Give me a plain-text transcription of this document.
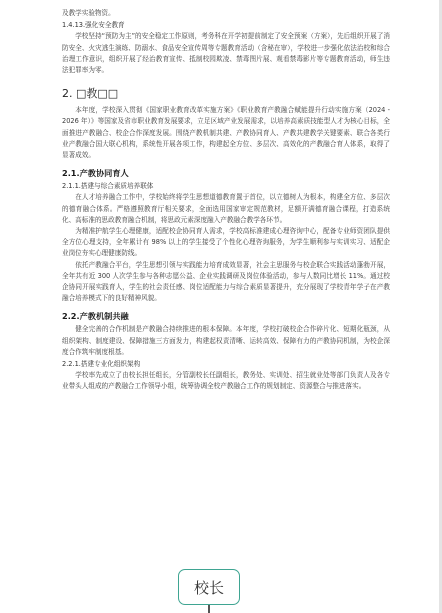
及教学实验物资。

1.4.13.强化安全教育

学校坚持“预防为主”的安全稳定工作原则，考务科在开学初提前制定了安全预案（方案），先后组织开展了消防安全、火灾逃生演练、防溺水、食品安全宣传周等专题教育活动（含秘在审），学校进一步强化依法治校和综合治理工作意识，组织开展了经治教育宣传、抵制校园欺凌、禁毒图片展、观看禁毒影片等专题教育活动，师生违法犯罪率为零。

2. □教□□

本年度，学校深入贯彻《国家职业教育改革实施方案》《职业教育产教融合赋能提升行动实施方案（2024 - 2026 年）》等国家及省市职业教育发展要求，立足区域产业发展需求，以培养高素质技能型人才为核心目标，全面推进产教融合、校企合作深度发展。围绕产教机制共建、产教协同育人、产教共建教学关键要素、联合各类行业产教融合国大联心机构，系统性开展各项工作，构建起全方位、多层次、高效化的产教融合育人体系，取得了显著成效。

2.1.产教协同育人

2.1.1.搭建与综合素质培养联体

在人才培养融合工作中，学校始终将学生思想道德教育置于首位，以立德树人为根本，构建全方位、多层次的德育融合体系。严格遵照教育厅相关要求，全面选用国家审定规范教材，足额开满德育融合课程，打造系统化、高标准的思政教育融合机制，将思政元素深度融入产教融合教学各环节。

为精准护航学生心理健康，适配校企协同育人需求，学校高标准建成心理咨询中心，配备专业师资团队提供全方位心理支持，全年累计有 98% 以上的学生接受了个性化心理咨询服务，为学生顺利参与实训实习、适配企业岗位夯实心理健康防线。

依托产教融合平台，学生思想引领与实践能力培育成效显著，社会主思服务与校企联合实践活动蓬勃开展，全年共有近 300 人次学生参与各种志愿公益、企业实践调研及岗位体验活动，参与人数同比增长 11%。通过校企协同开展实践育人，学生的社会责任感、岗位适配能力与综合素质显著提升，充分展现了学校青年学子在产教融合培养模式下的良好精神风貌。

2.2.产教机制共融

健全完善的合作机制是产教融合持续推进的根本保障。本年度，学校打破校企合作碎片化、短期化瓶颈，从组织架构、制度建设、保障措施三方面发力，构建起权责清晰、运转高效、保障有力的产教协同机制，为校企深度合作筑牢制度根基。

2.2.1.搭建专业化组织架构

学校率先成立了由校长担任组长，分管副校长任副组长，教务处、实训处、招生就业处等部门负责人及各专业带头人组成的产教融合工作领导小组，统筹协调全校产教融合工作的规划制定、资源整合与推进落实。

校长
